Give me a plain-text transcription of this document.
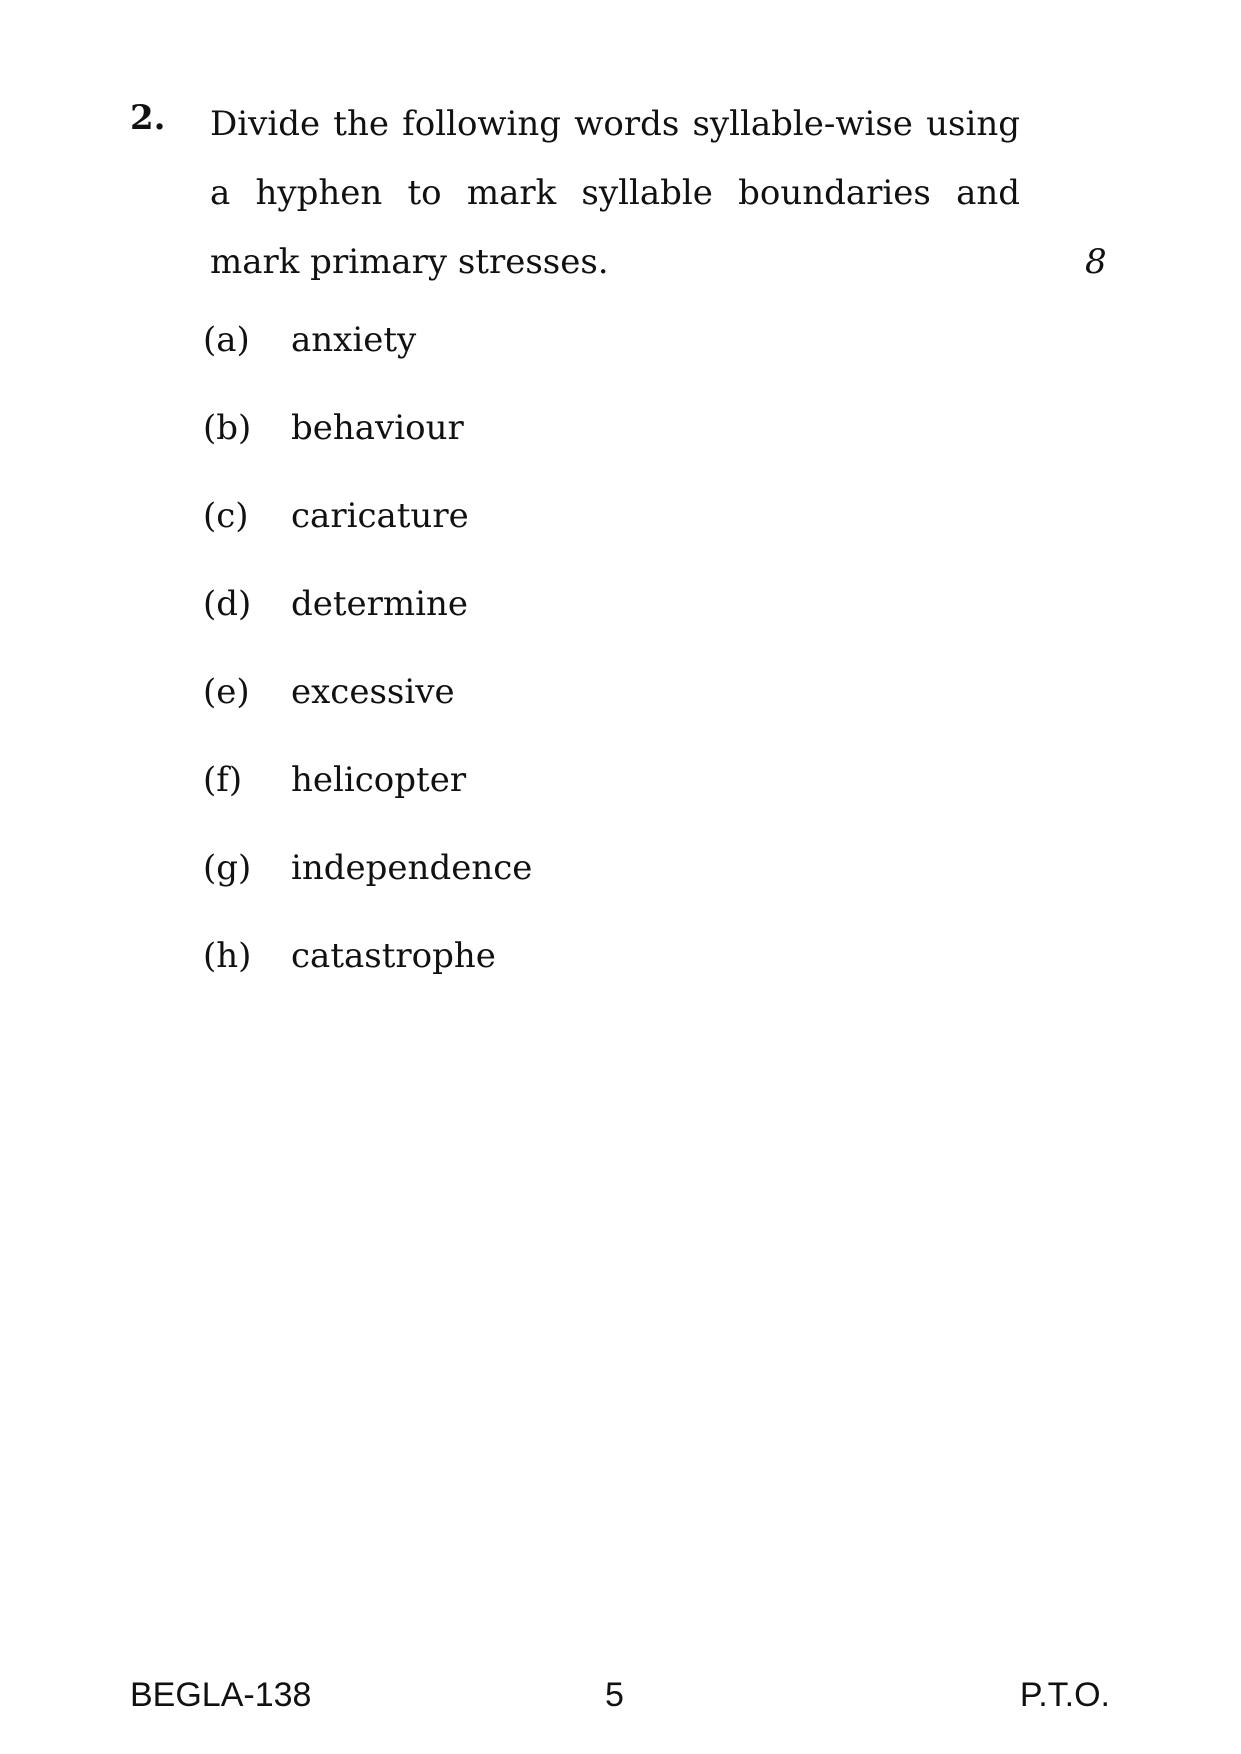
2. Divide the following words syllable-wise using a hyphen to mark syllable boundaries and mark primary stresses.	8
(a)	anxiety
(b)	behaviour
(c)	caricature
(d)	determine
(e)	excessive
(f)	helicopter
(g)	independence
(h)	catastrophe
BEGLA-138	5	P.T.O.
